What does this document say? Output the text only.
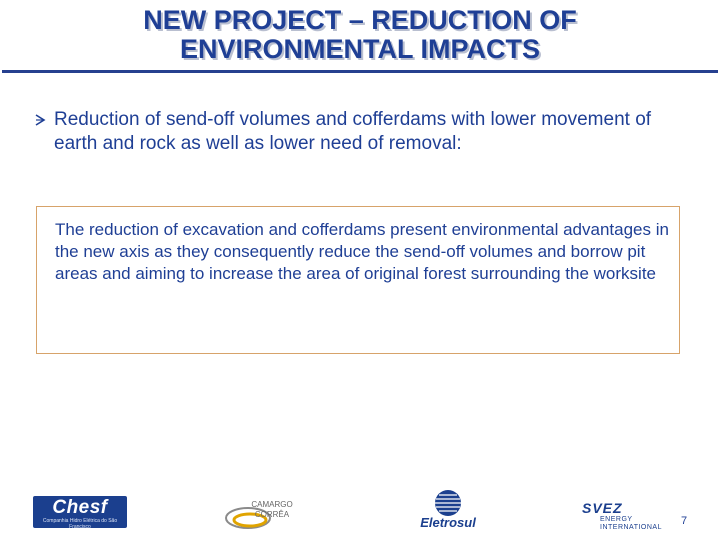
NEW PROJECT – REDUCTION OF
ENVIRONMENTAL IMPACTS
Reduction of send-off volumes and cofferdams with lower movement of earth and rock as well as lower need of removal:
The reduction of excavation and cofferdams present environmental advantages in the new axis as they consequently reduce the send-off volumes and borrow pit areas and aiming to increase the area of original forest surrounding the worksite
Chesf
Companhia Hidro Elétrica do São Francisco
CAMARGO
CORRÊA
Eletrosul
SVEZ
ENERGY
INTERNATIONAL
7
